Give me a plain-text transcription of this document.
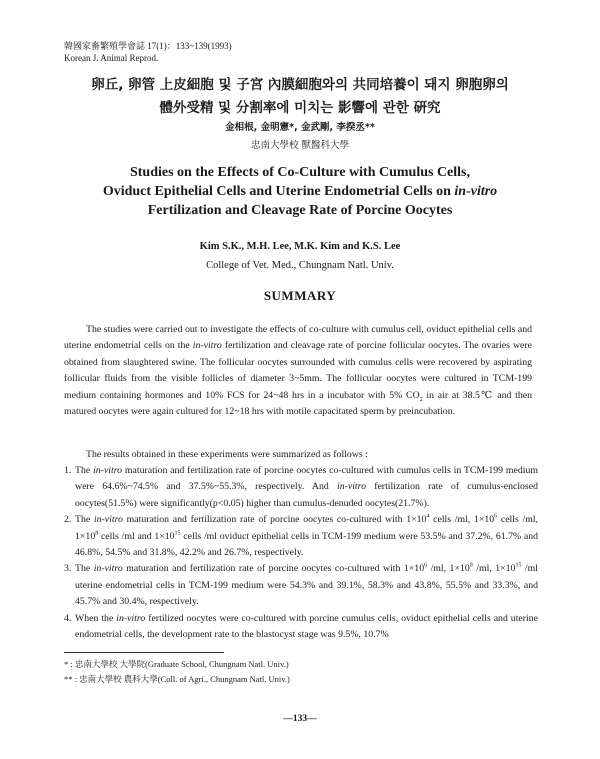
韓國家畜繁殖學會誌 17(1)：133~139(1993)
Korean J. Animal Reprod.
卵丘, 卵管 上皮細胞 및 子宮 內膜細胞와의 共同培養이 돼지 卵胞卵의
體外受精 및 分割率에 미치는 影響에 관한 硏究
金相根, 金明憲*, 金武剛, 李揆丞**
忠南大學校 獸醫科大學
Studies on the Effects of Co-Culture with Cumulus Cells,
Oviduct Epithelial Cells and Uterine Endometrial Cells on in-vitro
Fertilization and Cleavage Rate of Porcine Oocytes
Kim S.K., M.H. Lee, M.K. Kim and K.S. Lee
College of Vet. Med., Chungnam Natl. Univ.
SUMMARY
The studies were carried out to investigate the effects of co-culture with cumulus cell, oviduct epithelial cells and uterine endometrial cells on the in-vitro fertilization and cleavage rate of porcine follicular oocytes. The ovaries were obtained from slaughtered swine. The follicular oocytes surrounded with cumulus cells were recovered by aspirating follicular fluids from the visible follicles of diameter 3~5mm. The follicular oocytes were cultured in TCM-199 medium containing hormones and 10% FCS for 24~48 hrs in a incubator with 5% $CO_2$ in air at 38.5℃ and then matured oocytes were again cultured for 12~18 hrs with motile capacitated sperm by preincubation.
The results obtained in these experiments were summarized as follows :
1. The in-vitro maturation and fertilization rate of porcine oocytes co-cultured with cumulus cells in TCM-199 medium were 64.6%~74.5% and 37.5%~55.3%, respectively. And in-vitro fertilization rate of cumulus-enclosed oocytes(51.5%) were significantly(p<0.05) higher than cumulus-denuded oocytes(21.7%).
2. The in-vitro maturation and fertilization rate of porcine oocytes co-cultured with $1\times 10^4$ cells /ml, $1\times 10^6$ cells /ml, $1\times 10^8$ cells /ml and $1\times 10^{15}$ cells /ml oviduct epithelial cells in TCM-199 medium were 53.5% and 37.2%, 61.7% and 46.8%, 54.5% and 31.8%, 42.2% and 26.7%, respectively.
3. The in-vitro maturation and fertilization rate of porcine oocytes co-cultured with $1\times 10^6$ /ml, $1\times 10^8$ /ml, $1\times 10^{15}$ /ml uterine endometrial cells in TCM-199 medium were 54.3% and 39.1%, 58.3% and 43.8%, 55.5% and 33.3%, and 45.7% and 30.4%, respectively.
4. When the in-vitro fertilized oocytes were co-cultured with porcine cumulus cells, oviduct epithelial cells and uterine endometrial cells, the development rate to the blastocyst stage was 9.5%, 10.7%
* : 忠南大學校 大學院(Graduate School, Chungnam Natl. Univ.)
** : 忠南大學校 農科大學(Coll. of Agri., Chungnam Natl. Univ.)
—133—
